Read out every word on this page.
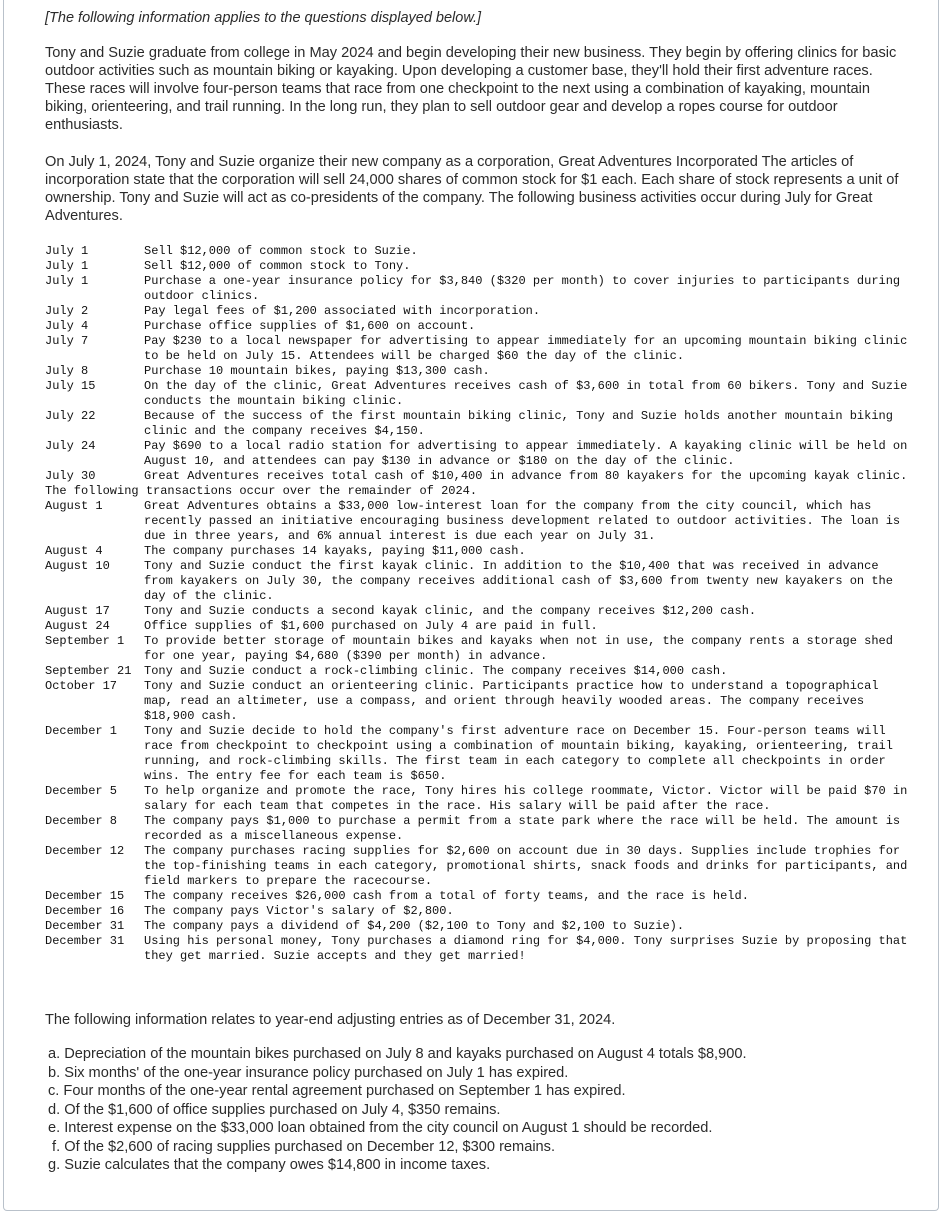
[The following information applies to the questions displayed below.]

Tony and Suzie graduate from college in May 2024 and begin developing their new business. They begin by offering clinics for basic outdoor activities such as mountain biking or kayaking. Upon developing a customer base, they'll hold their first adventure races. These races will involve four-person teams that race from one checkpoint to the next using a combination of kayaking, mountain biking, orienteering, and trail running. In the long run, they plan to sell outdoor gear and develop a ropes course for outdoor enthusiasts.

On July 1, 2024, Tony and Suzie organize their new company as a corporation, Great Adventures Incorporated The articles of incorporation state that the corporation will sell 24,000 shares of common stock for $1 each. Each share of stock represents a unit of ownership. Tony and Suzie will act as co-presidents of the company. The following business activities occur during July for Great Adventures.

July 1	Sell $12,000 of common stock to Suzie.
July 1	Sell $12,000 of common stock to Tony.
July 1	Purchase a one-year insurance policy for $3,840 ($320 per month) to cover injuries to participants during outdoor clinics.
July 2	Pay legal fees of $1,200 associated with incorporation.
July 4	Purchase office supplies of $1,600 on account.
July 7	Pay $230 to a local newspaper for advertising to appear immediately for an upcoming mountain biking clinic to be held on July 15. Attendees will be charged $60 the day of the clinic.
July 8	Purchase 10 mountain bikes, paying $13,300 cash.
July 15	On the day of the clinic, Great Adventures receives cash of $3,600 in total from 60 bikers. Tony and Suzie conducts the mountain biking clinic.
July 22	Because of the success of the first mountain biking clinic, Tony and Suzie holds another mountain biking clinic and the company receives $4,150.
July 24	Pay $690 to a local radio station for advertising to appear immediately. A kayaking clinic will be held on August 10, and attendees can pay $130 in advance or $180 on the day of the clinic.
July 30	Great Adventures receives total cash of $10,400 in advance from 80 kayakers for the upcoming kayak clinic.
The following transactions occur over the remainder of 2024.
August 1	Great Adventures obtains a $33,000 low-interest loan for the company from the city council, which has recently passed an initiative encouraging business development related to outdoor activities. The loan is due in three years, and 6% annual interest is due each year on July 31.
August 4	The company purchases 14 kayaks, paying $11,000 cash.
August 10	Tony and Suzie conduct the first kayak clinic. In addition to the $10,400 that was received in advance from kayakers on July 30, the company receives additional cash of $3,600 from twenty new kayakers on the day of the clinic.
August 17	Tony and Suzie conducts a second kayak clinic, and the company receives $12,200 cash.
August 24	Office supplies of $1,600 purchased on July 4 are paid in full.
September 1	To provide better storage of mountain bikes and kayaks when not in use, the company rents a storage shed for one year, paying $4,680 ($390 per month) in advance.
September 21	Tony and Suzie conduct a rock-climbing clinic. The company receives $14,000 cash.
October 17	Tony and Suzie conduct an orienteering clinic. Participants practice how to understand a topographical map, read an altimeter, use a compass, and orient through heavily wooded areas. The company receives $18,900 cash.
December 1	Tony and Suzie decide to hold the company's first adventure race on December 15. Four-person teams will race from checkpoint to checkpoint using a combination of mountain biking, kayaking, orienteering, trail running, and rock-climbing skills. The first team in each category to complete all checkpoints in order wins. The entry fee for each team is $650.
December 5	To help organize and promote the race, Tony hires his college roommate, Victor. Victor will be paid $70 in salary for each team that competes in the race. His salary will be paid after the race.
December 8	The company pays $1,000 to purchase a permit from a state park where the race will be held. The amount is recorded as a miscellaneous expense.
December 12	The company purchases racing supplies for $2,600 on account due in 30 days. Supplies include trophies for the top-finishing teams in each category, promotional shirts, snack foods and drinks for participants, and field markers to prepare the racecourse.
December 15	The company receives $26,000 cash from a total of forty teams, and the race is held.
December 16	The company pays Victor's salary of $2,800.
December 31	The company pays a dividend of $4,200 ($2,100 to Tony and $2,100 to Suzie).
December 31	Using his personal money, Tony purchases a diamond ring for $4,000. Tony surprises Suzie by proposing that they get married. Suzie accepts and they get married!
The following information relates to year-end adjusting entries as of December 31, 2024.
a. Depreciation of the mountain bikes purchased on July 8 and kayaks purchased on August 4 totals $8,900.
b. Six months' of the one-year insurance policy purchased on July 1 has expired.
c. Four months of the one-year rental agreement purchased on September 1 has expired.
d. Of the $1,600 of office supplies purchased on July 4, $350 remains.
e. Interest expense on the $33,000 loan obtained from the city council on August 1 should be recorded.
f. Of the $2,600 of racing supplies purchased on December 12, $300 remains.
g. Suzie calculates that the company owes $14,800 in income taxes.
